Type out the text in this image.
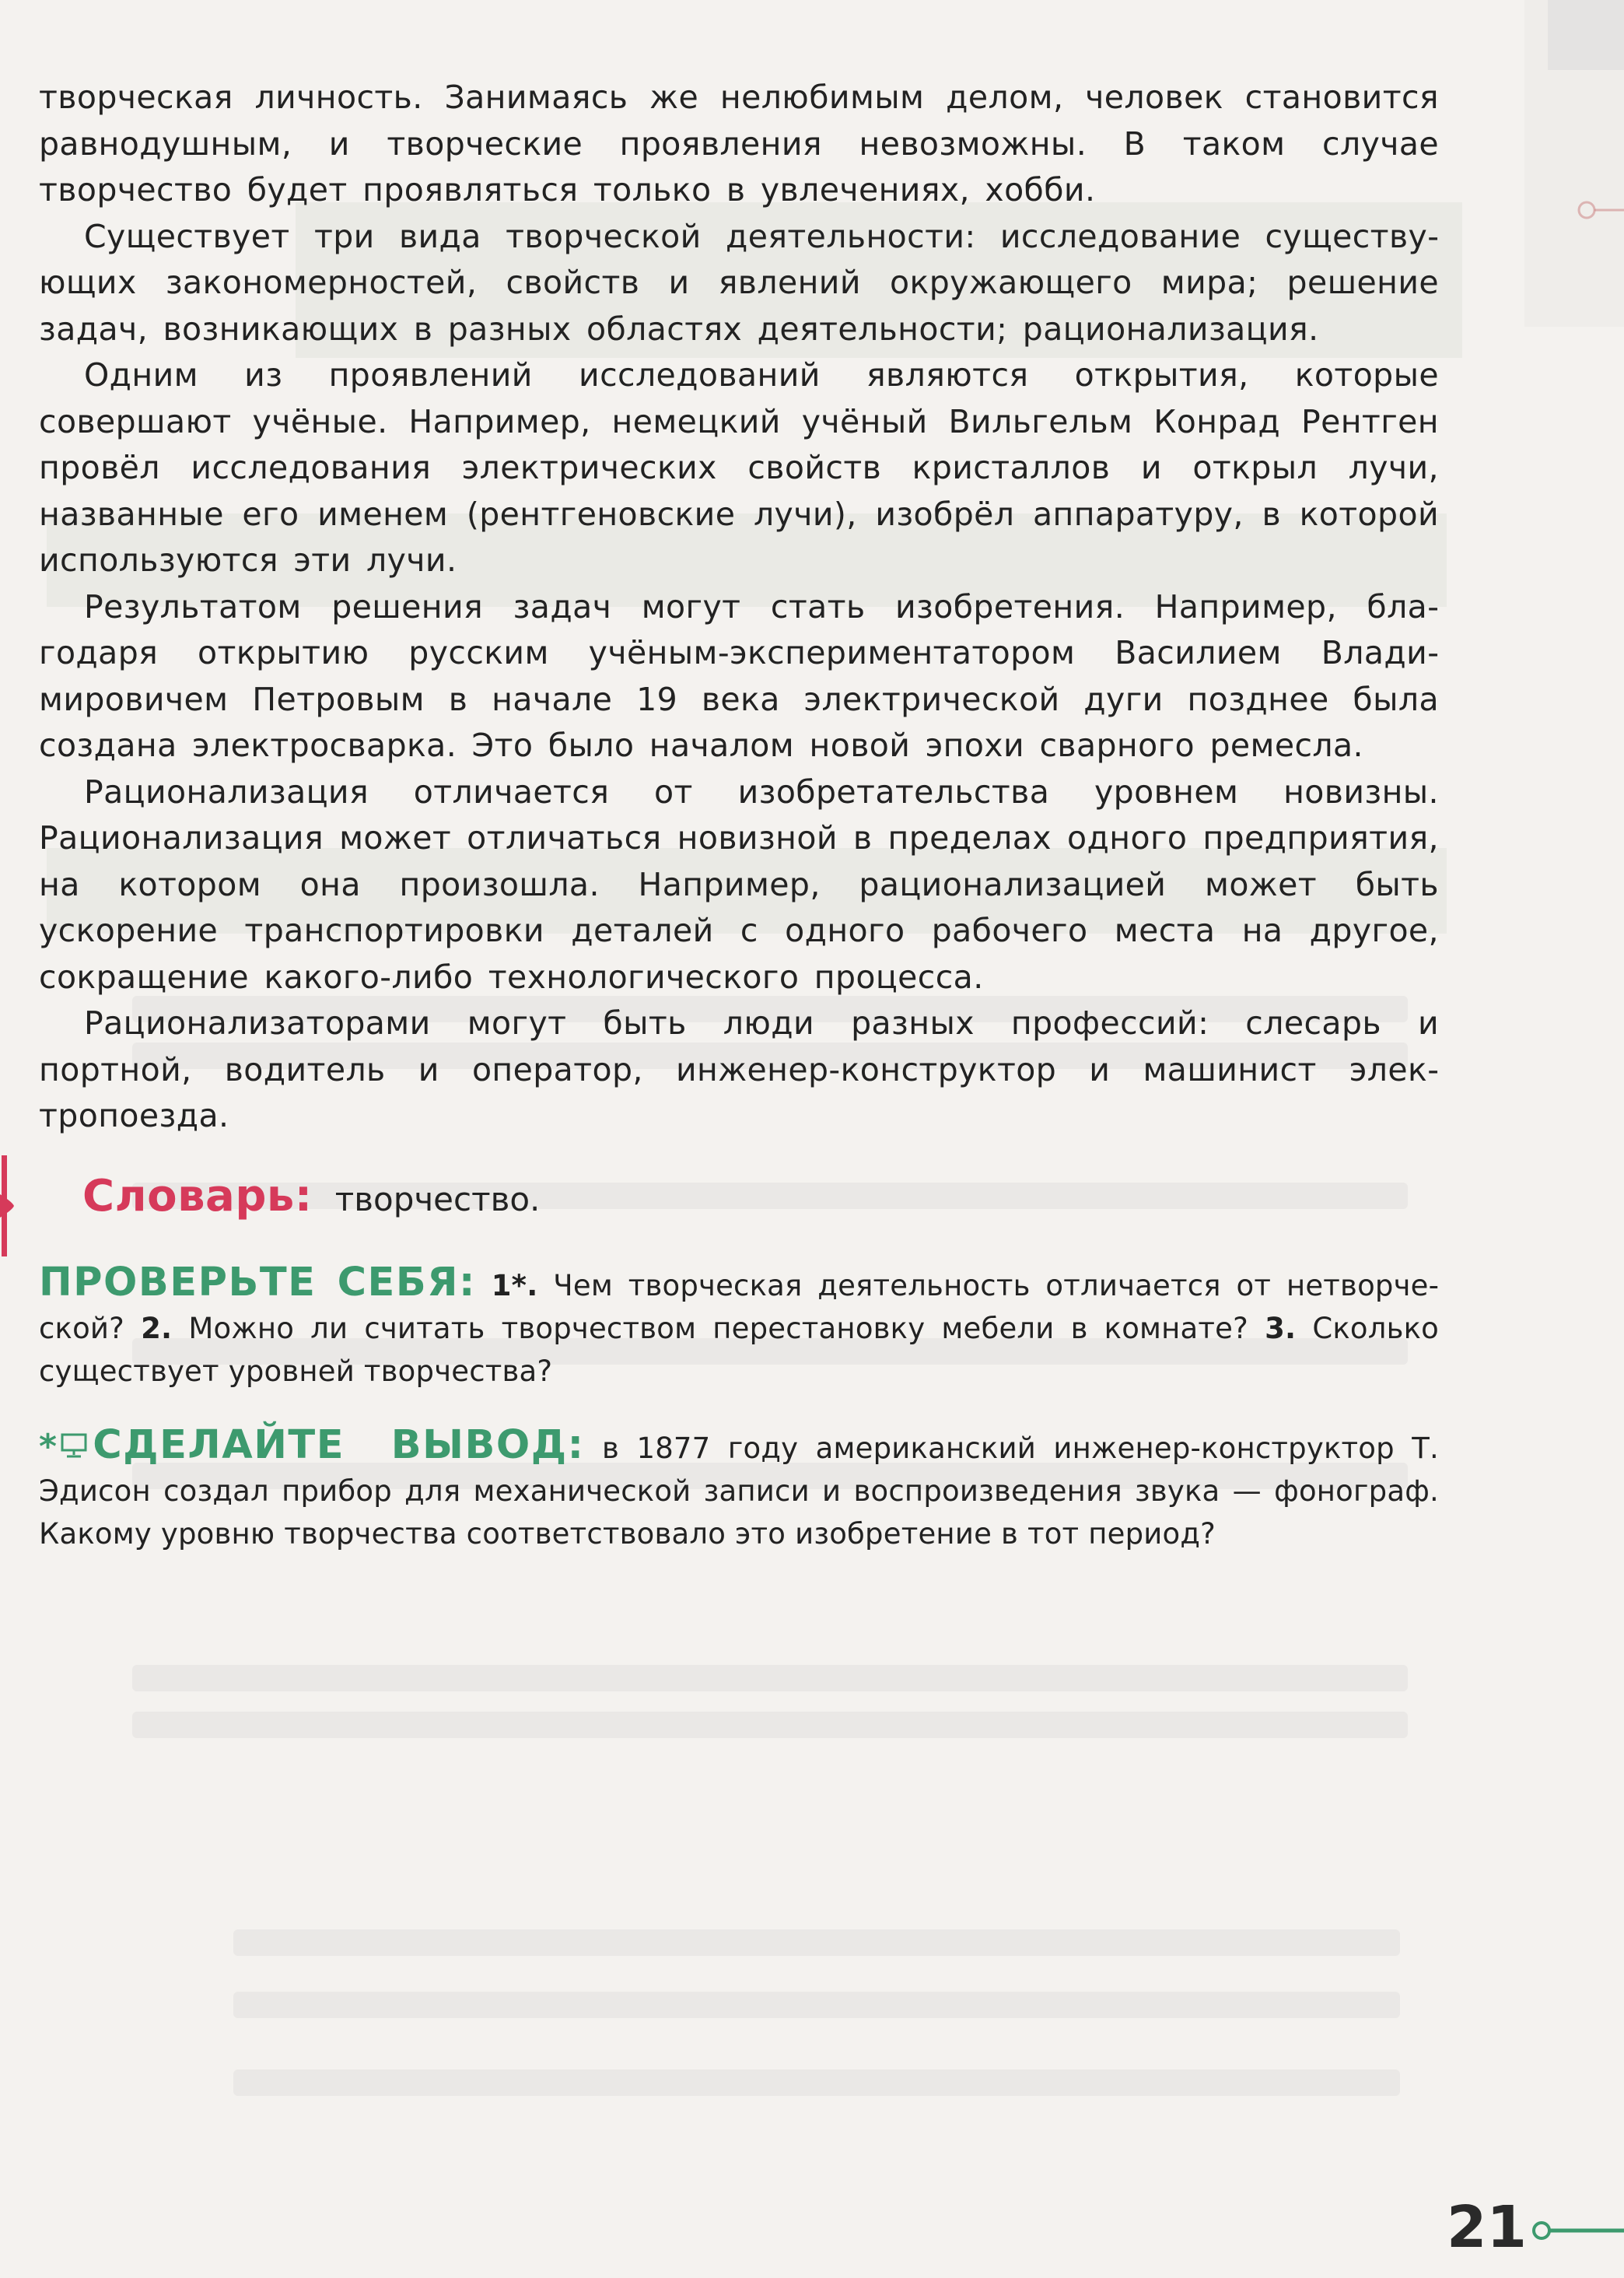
творческая личность. Занимаясь же нелюбимым делом, человек становится равнодушным, и творческие проявления невозможны. В таком случае творчество будет проявляться только в увлечениях, хобби.

Существует три вида творческой деятельности: исследование существующих закономерностей, свойств и явлений окружающего мира; решение задач, возникающих в разных областях деятельности; рационализация.

Одним из проявлений исследований являются открытия, которые совершают учёные. Например, немецкий учёный Вильгельм Конрад Рентген провёл исследования электрических свойств кристаллов и открыл лучи, названные его именем (рентгеновские лучи), изобрёл аппаратуру, в которой используются эти лучи.

Результатом решения задач могут стать изобретения. Например, благодаря открытию русским учёным-экспериментатором Василием Владимировичем Петровым в начале 19 века электрической дуги позднее была создана электросварка. Это было началом новой эпохи сварного ремесла.

Рационализация отличается от изобретательства уровнем новизны. Рационализация может отличаться новизной в пределах одного предприятия, на котором она произошла. Например, рационализацией может быть ускорение транспортировки деталей с одного рабочего места на другое, сокращение какого-либо технологического процесса.

Рационализаторами могут быть люди разных профессий: слесарь и портной, водитель и оператор, инженер-конструктор и машинист электропоезда.

Словарь: творчество.
ПРОВЕРЬТЕ СЕБЯ: 1*. Чем творческая деятельность отличается от нетворческой? 2. Можно ли считать творчеством перестановку мебели в комнате? 3. Сколько существует уровней творчества?
* СДЕЛАЙТЕ ВЫВОД: в 1877 году американский инженер-конструктор Т. Эдисон создал прибор для механической записи и воспроизведения звука — фонограф. Какому уровню творчества соответствовало это изобретение в тот период?
21
